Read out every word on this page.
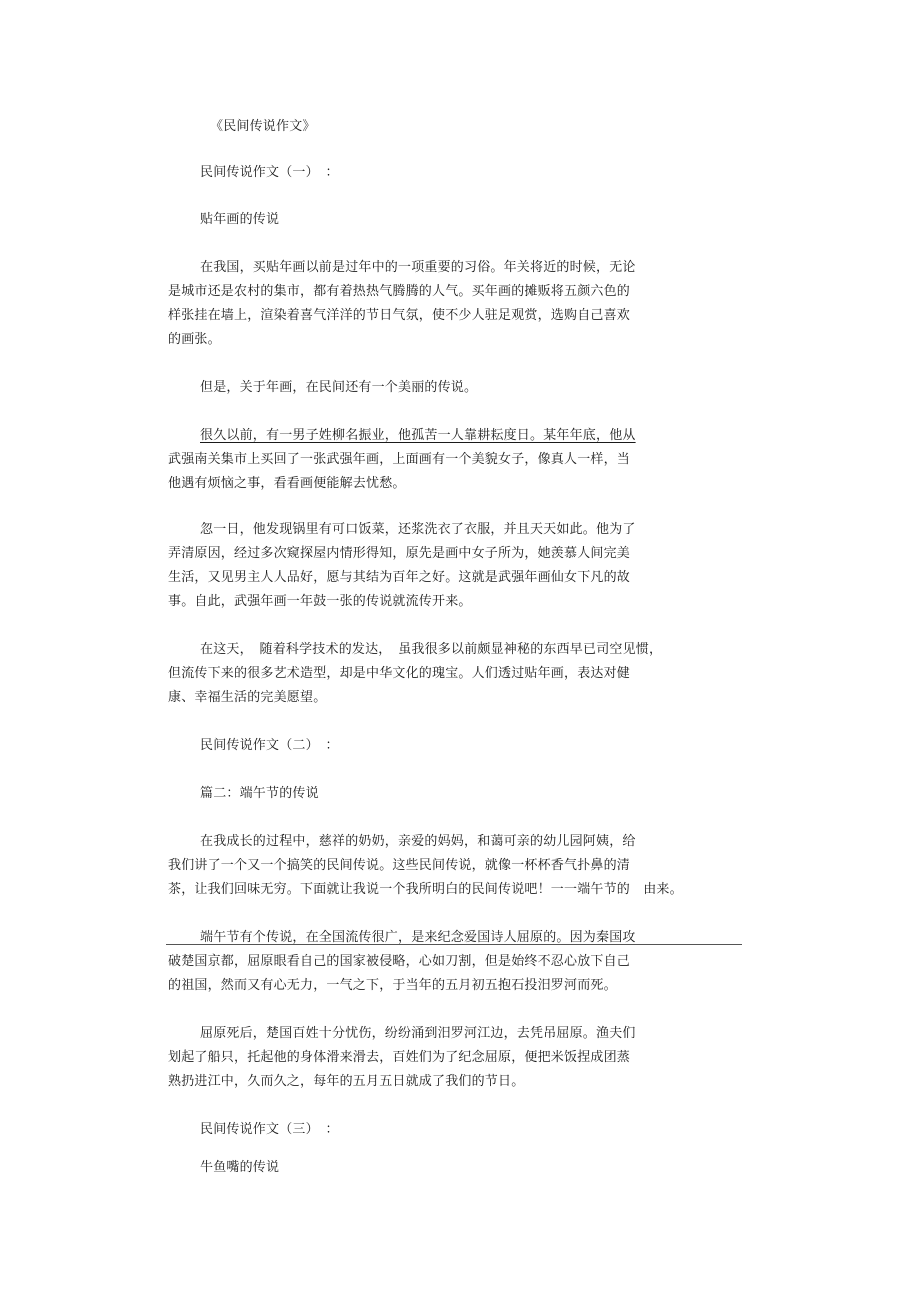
《民间传说作文》
民间传说作文（一）　：
贴年画的传说
在我国，买贴年画以前是过年中的一项重要的习俗。年关将近的时候，无论
是城市还是农村的集市，都有着热热气腾腾的人气。买年画的摊贩将五颜六色的
样张挂在墙上，渲染着喜气洋洋的节日气氛，使不少人驻足观赏，选购自己喜欢
的画张。
但是，关于年画，在民间还有一个美丽的传说。
很久以前，有一男子姓柳名振业，他孤苦一人靠耕耘度日。某年年底，他从
武强南关集市上买回了一张武强年画，上面画有一个美貌女子，像真人一样，当
他遇有烦恼之事，看看画便能解去忧愁。
忽一日，他发现锅里有可口饭菜，还浆洗衣了衣服，并且天天如此。他为了
弄清原因，经过多次窥探屋内情形得知，原先是画中女子所为，她羡慕人间完美
生活，又见男主人人品好，愿与其结为百年之好。这就是武强年画仙女下凡的故
事。自此，武强年画一年鼓一张的传说就流传开来。
在这天，　随着科学技术的发达，　虽我很多以前颇显神秘的东西早已司空见惯，
但流传下来的很多艺术造型，却是中华文化的瑰宝。人们透过贴年画，表达对健
康、幸福生活的完美愿望。
民间传说作文（二）　：
篇二：端午节的传说
在我成长的过程中，慈祥的奶奶，亲爱的妈妈，和蔼可亲的幼儿园阿姨，给
我们讲了一个又一个搞笑的民间传说。这些民间传说，就像一杯杯香气扑鼻的清
茶，让我们回味无穷。下面就让我说一个我所明白的民间传说吧！一一端午节的　由来。
端午节有个传说，在全国流传很广，是来纪念爱国诗人屈原的。因为秦国攻
破楚国京都，屈原眼看自己的国家被侵略，心如刀割，但是始终不忍心放下自己
的祖国，然而又有心无力，一气之下，于当年的五月初五抱石投汨罗河而死。
屈原死后，楚国百姓十分忧伤，纷纷涌到汨罗河江边，去凭吊屈原。渔夫们
划起了船只，托起他的身体滑来滑去，百姓们为了纪念屈原，便把米饭捏成团蒸
熟扔进江中，久而久之，每年的五月五日就成了我们的节日。
民间传说作文（三）　：
牛鱼嘴的传说
